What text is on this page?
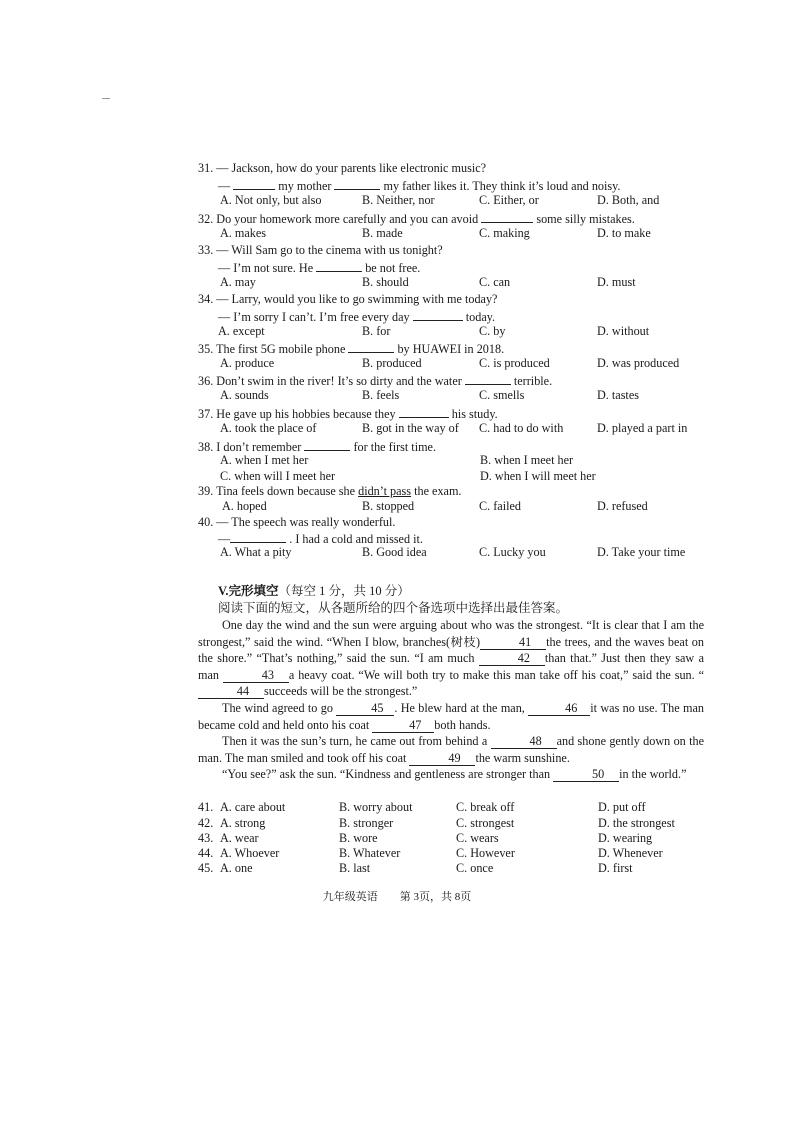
31. — Jackson, how do your parents like electronic music?
—	my mother	my father likes it. They think it’s loud and noisy.
A. Not only, but also	B. Neither, nor	C. Either, or	D. Both, and
32. Do your homework more carefully and you can avoid	some silly mistakes.
A. makes	B. made	C. making	D. to make
33. — Will Sam go to the cinema with us tonight?
— I’m not sure. He	be not free.
A. may	B. should	C. can	D. must
34. — Larry, would you like to go swimming with me today?
— I’m sorry I can’t. I’m free every day	today.
A. except	B. for	C. by	D. without
35. The first 5G mobile phone	by HUAWEI in 2018.
A. produce	B. produced	C. is produced	D. was produced
36. Don’t swim in the river! It’s so dirty and the water	terrible.
A. sounds	B. feels	C. smells	D. tastes
37. He gave up his hobbies because they	his study.
A. took the place of	B. got in the way of C. had to do with	D. played a part in
38. I don’t remember	for the first time.
A. when I met her	B. when I meet her
C. when will I meet her	D. when I will meet her
39. Tina feels down because she didn’t pass the exam.
A. hoped	B. stopped	C. failed	D. refused
40. — The speech was really wonderful.
—	. I had a cold and missed it.
A. What a pity	B. Good idea	C. Lucky you	D. Take your time
V.完形填空（每空 1 分，共 10 分）
阅读下面的短文，从各题所给的四个备选项中选择出最佳答案。

One day the wind and the sun were arguing about who was the strongest. “It is clear that I am the strongest,” said the wind. “When I blow, branches(树枝)	41 the trees, and the waves beat on the shore.” “That’s nothing,” said the sun. “I am much	42 than that.” Just then they saw a man	43 a heavy coat. “We will both try to make this man take off his coat,” said the sun. “44 succeeds will be the strongest.”

The wind agreed to go	45 . He blew hard at the man,	46 it was no use. The man became cold and held onto his coat	47 both hands.

Then it was the sun’s turn, he came out from behind a	48 and shone gently down on the man. The man smiled and took off his coat	49 the warm sunshine.

“You see?” ask the sun. “Kindness and gentleness are stronger than	50 in the world.”

41. A. care about	B. worry about	C. break off	D. put off
42. A. strong	B. stronger	C. strongest	D. the strongest
43. A. wear	B. wore	C. wears	D. wearing
44. A. Whoever	B. Whatever	C. However	D. Whenever
45. A. one	B. last	C. once	D. first
九年级英语　　第 3页，共 8页
